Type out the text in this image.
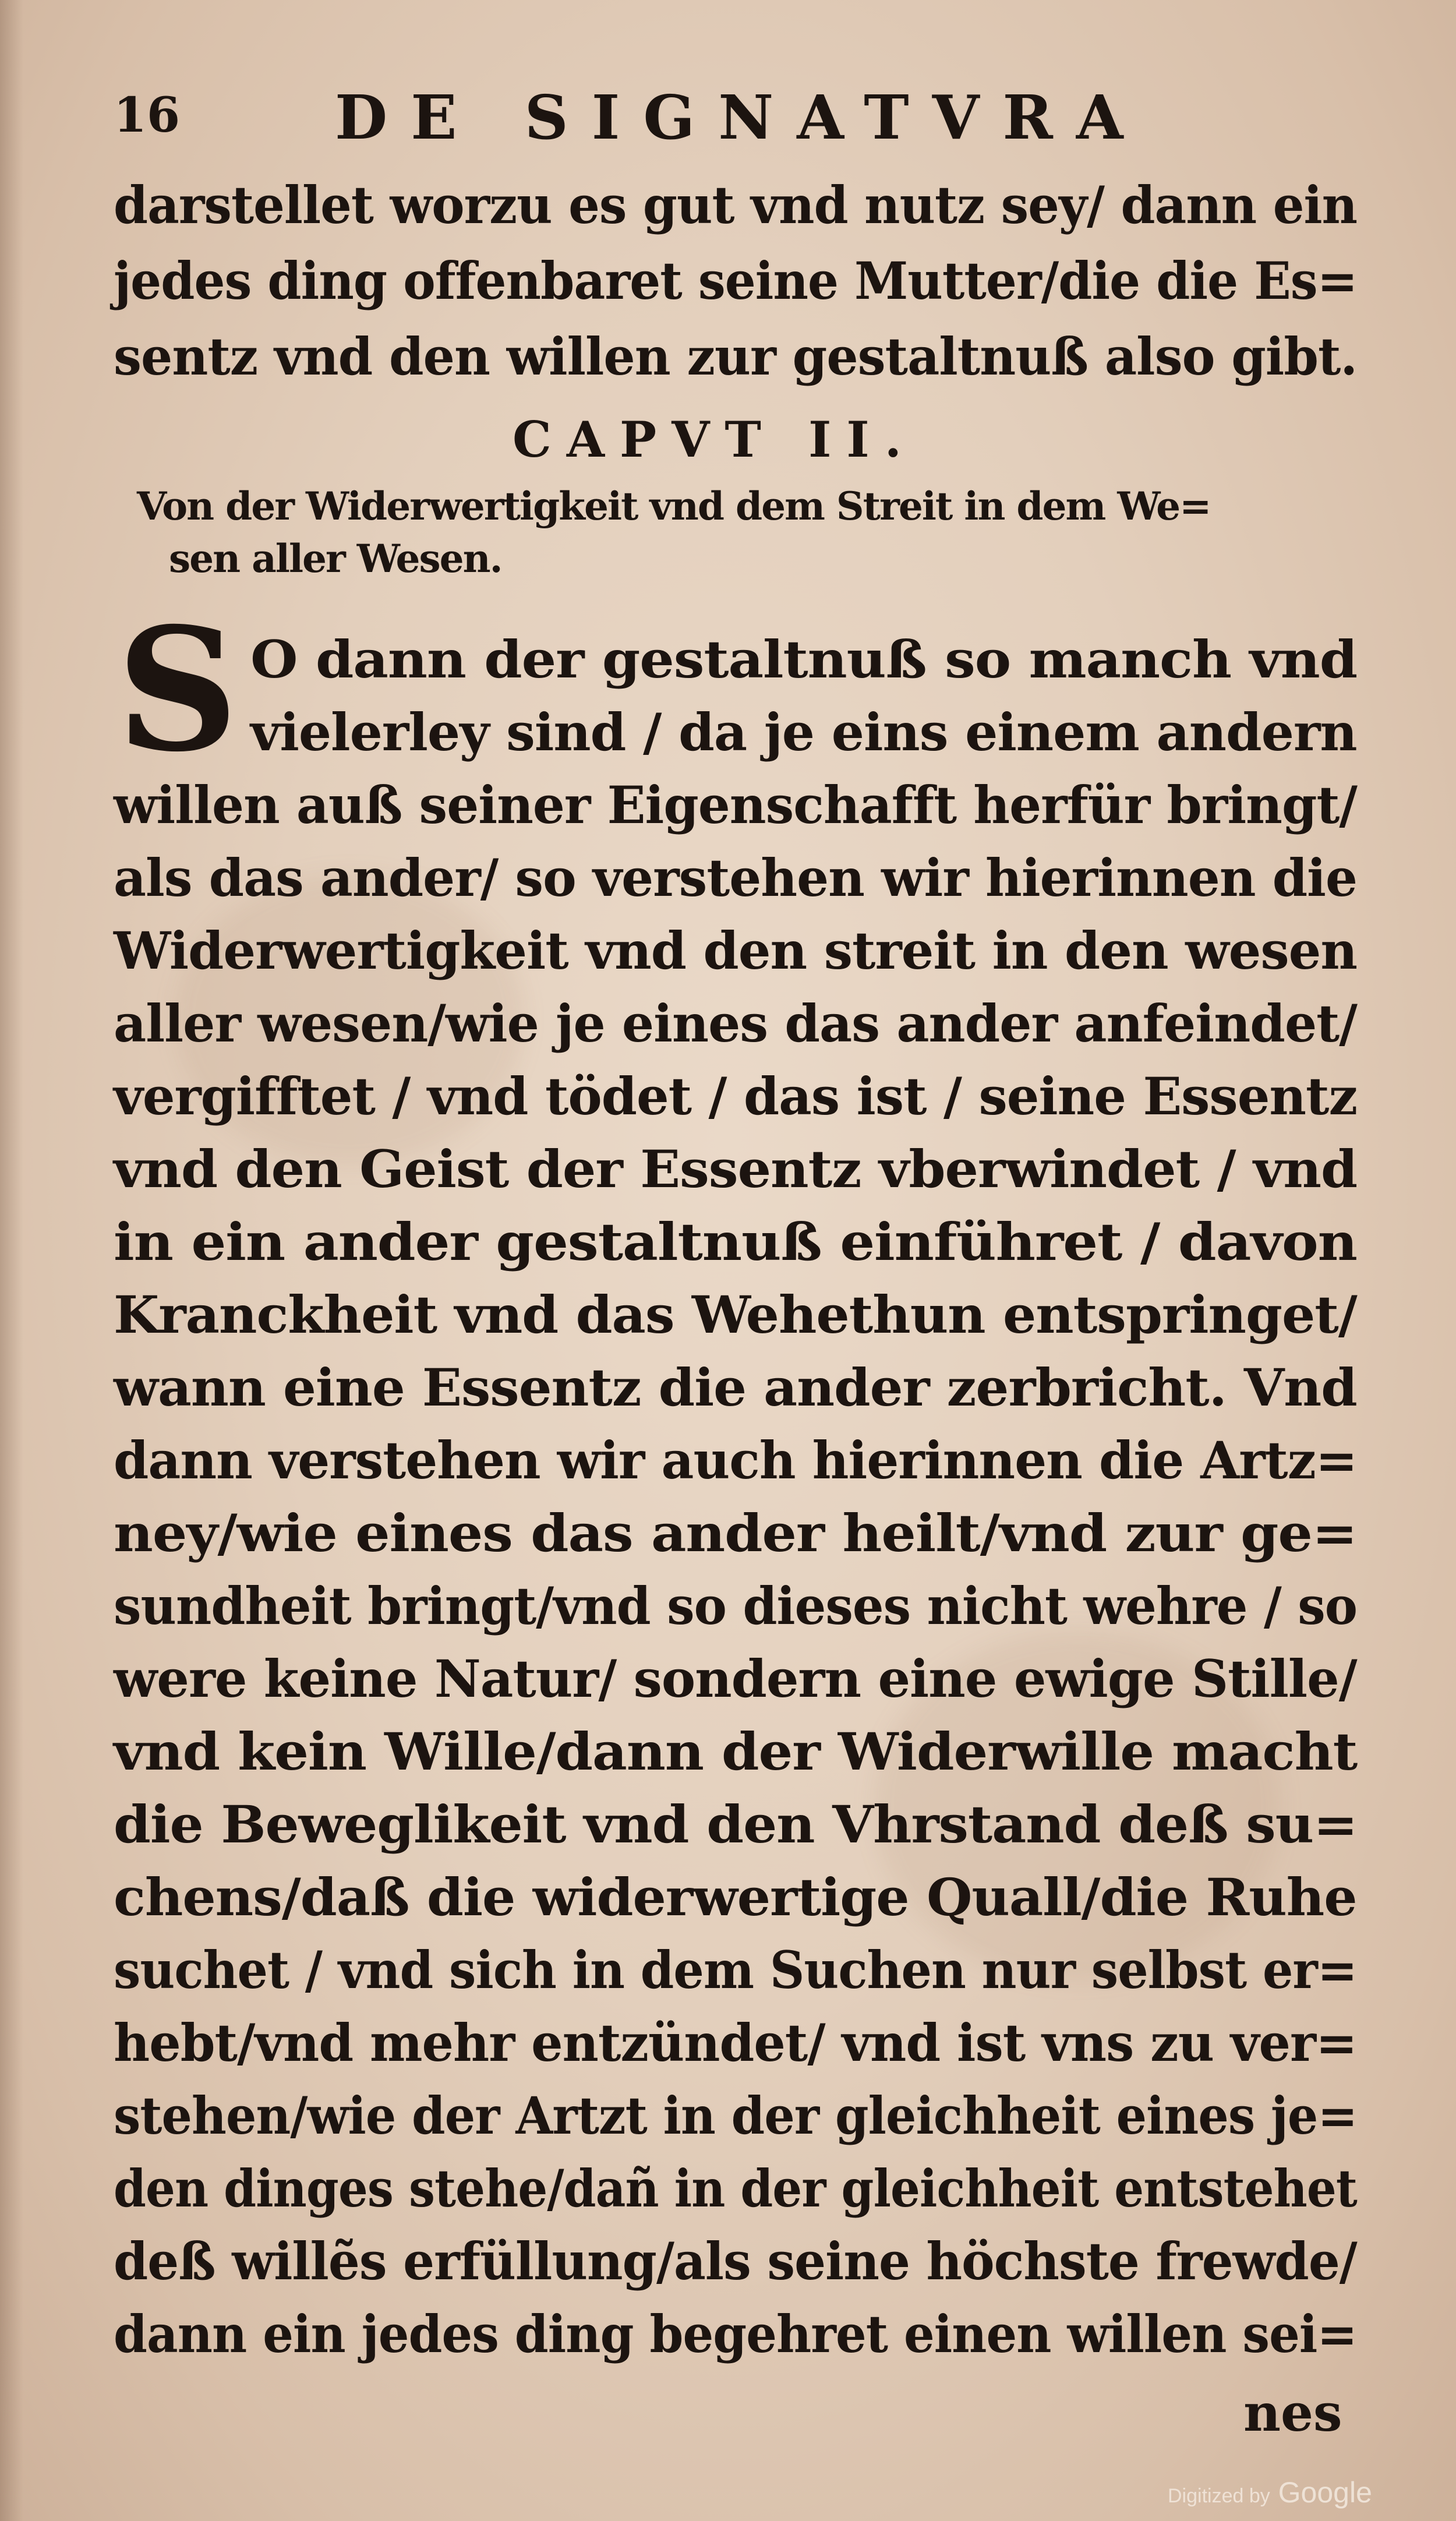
16	DE SIGNATVRA
darstellet worzu es gut vnd nutz sey/ dann ein
jedes ding offenbaret seine Mutter/die die Es=
sentz vnd den willen zur gestaltnuß also gibt.
CAPVT II.
Von der Widerwertigkeit vnd dem Streit in dem We=
sen aller Wesen.
S O dann der gestaltnuß so manch vnd
vielerley sind / da je eins einem andern
willen auß seiner Eigenschafft herfür bringt/
als das ander/ so verstehen wir hierinnen die
Widerwertigkeit vnd den streit in den wesen
aller wesen/wie je eines das ander anfeindet/
vergifftet / vnd tödet / das ist / seine Essentz
vnd den Geist der Essentz vberwindet / vnd
in ein ander gestaltnuß einführet / davon
Kranckheit vnd das Wehethun entspringet/
wann eine Essentz die ander zerbricht. Vnd
dann verstehen wir auch hierinnen die Artz=
ney/wie eines das ander heilt/vnd zur ge=
sundheit bringt/vnd so dieses nicht wehre / so
were keine Natur/ sondern eine ewige Stille/
vnd kein Wille/dann der Widerwille macht
die Beweglikeit vnd den Vhrstand deß su=
chens/daß die widerwertige Quall/die Ruhe
suchet / vnd sich in dem Suchen nur selbst er=
hebt/vnd mehr entzündet/ vnd ist vns zu ver=
stehen/wie der Artzt in der gleichheit eines je=
den dinges stehe/dañ in der gleichheit entstehet
deß willẽs erfüllung/als seine höchste frewde/
dann ein jedes ding begehret einen willen sei=
nes
Digitized by Google
